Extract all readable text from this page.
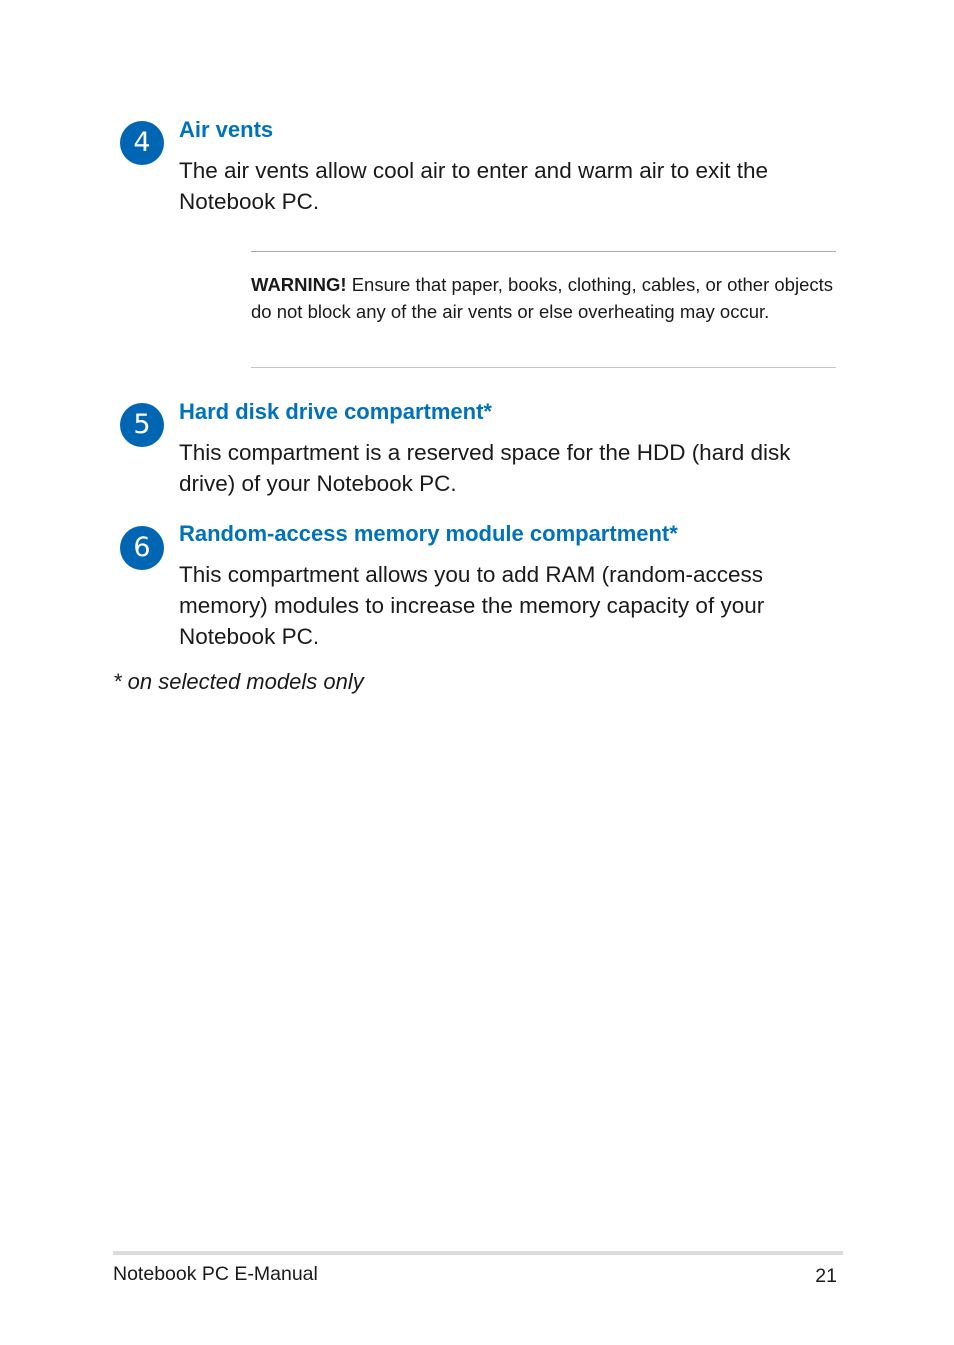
4	Air vents

The air vents allow cool air to enter and warm air to exit the Notebook PC.

WARNING! Ensure that paper, books, clothing, cables, or other objects do not block any of the air vents or else overheating may occur.

5	Hard disk drive compartment*

This compartment is a reserved space for the HDD (hard disk drive) of your Notebook PC.

6	Random-access memory module compartment*

This compartment allows you to add RAM (random-access memory) modules to increase the memory capacity of your Notebook PC.

* on selected models only

Notebook PC E-Manual	21
